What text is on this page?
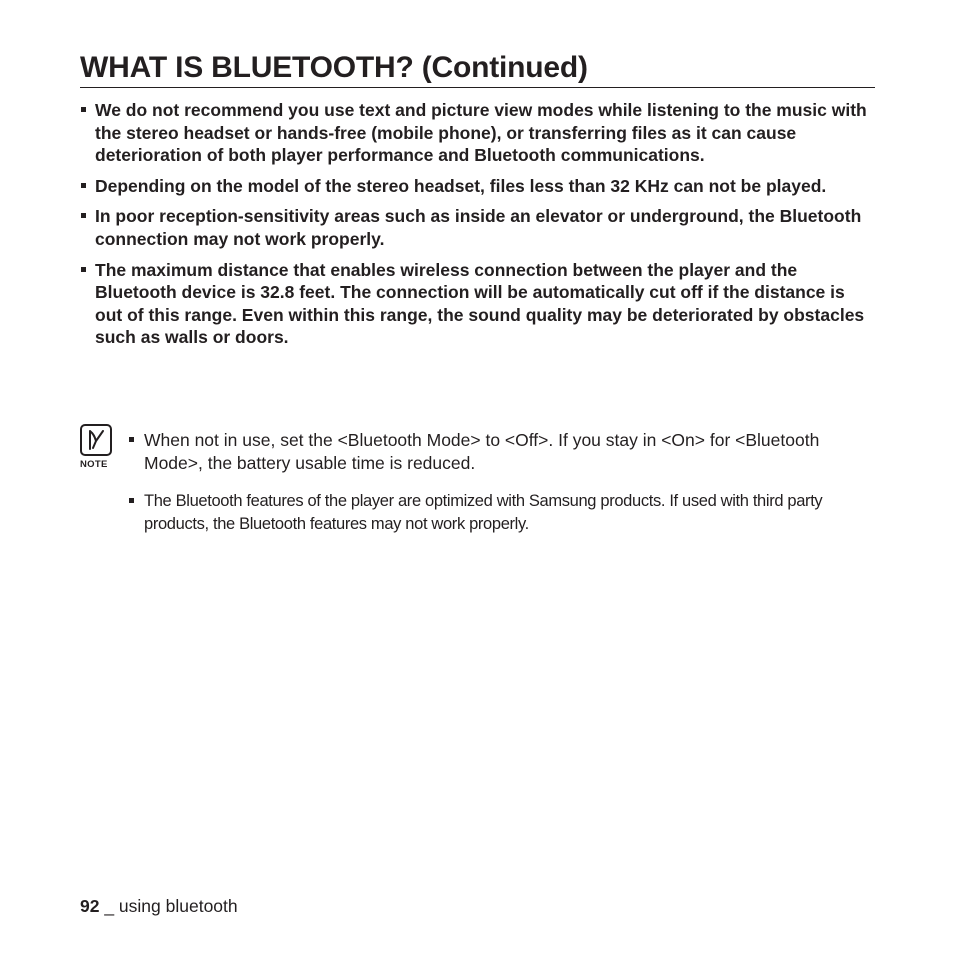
WHAT IS BLUETOOTH? (Continued)
We do not recommend you use text and picture view modes while listening to the music with the stereo headset or hands-free (mobile phone), or transferring files as it can cause deterioration of both player performance and Bluetooth communications.
Depending on the model of the stereo headset, files less than 32 KHz can not be played.
In poor reception-sensitivity areas such as inside an elevator or underground, the Bluetooth connection may not work properly.
The maximum distance that enables wireless connection between the player and the Bluetooth device is 32.8 feet. The connection will be automatically cut off if the distance is out of this range. Even within this range, the sound quality may be deteriorated by obstacles such as walls or doors.
NOTE
When not in use, set the <Bluetooth Mode> to <Off>. If you stay in <On> for <Bluetooth Mode>, the battery usable time is reduced.
The Bluetooth features of the player are optimized with Samsung products. If used with third party products, the Bluetooth features may not work properly.
92 _ using bluetooth
